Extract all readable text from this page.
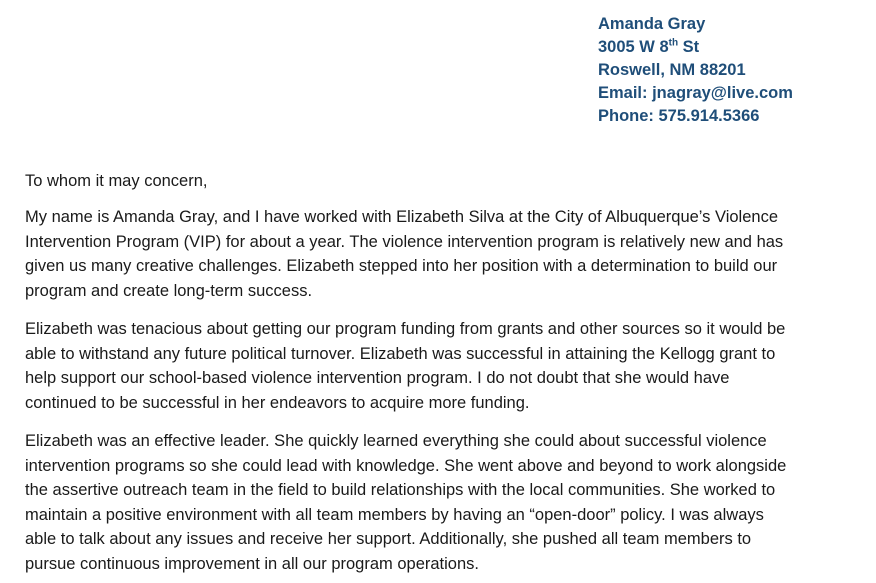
Amanda Gray
3005 W 8th St
Roswell, NM 88201
Email: jnagray@live.com
Phone: 575.914.5366

To whom it may concern,

My name is Amanda Gray, and I have worked with Elizabeth Silva at the City of Albuquerque’s Violence
Intervention Program (VIP) for about a year. The violence intervention program is relatively new and has
given us many creative challenges. Elizabeth stepped into her position with a determination to build our
program and create long-term success.

Elizabeth was tenacious about getting our program funding from grants and other sources so it would be
able to withstand any future political turnover. Elizabeth was successful in attaining the Kellogg grant to
help support our school-based violence intervention program. I do not doubt that she would have
continued to be successful in her endeavors to acquire more funding.

Elizabeth was an effective leader. She quickly learned everything she could about successful violence
intervention programs so she could lead with knowledge. She went above and beyond to work alongside
the assertive outreach team in the field to build relationships with the local communities. She worked to
maintain a positive environment with all team members by having an “open-door” policy. I was always
able to talk about any issues and receive her support. Additionally, she pushed all team members to
pursue continuous improvement in all our program operations.
